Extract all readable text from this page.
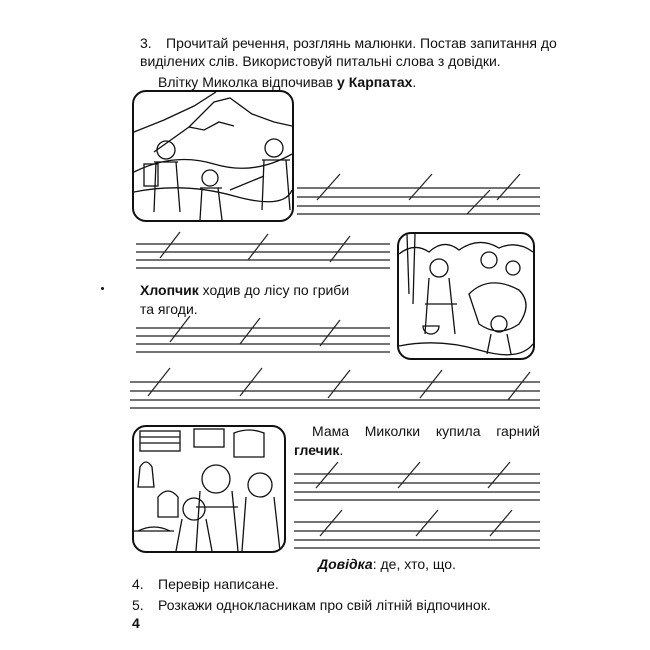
3. Прочитай речення, розглянь малюнки. Постав запитання до
виділених слів. Використовуй питальні слова з довідки.
Влітку Миколка відпочивав у Карпатах.
Хлопчик ходив до лісу по гриби
та ягоди.
Мама Миколки купила гарний
глечик.
Довідка: де, хто, що.
4. Перевір написане.
5. Розкажи однокласникам про свій літній відпочинок.
4
